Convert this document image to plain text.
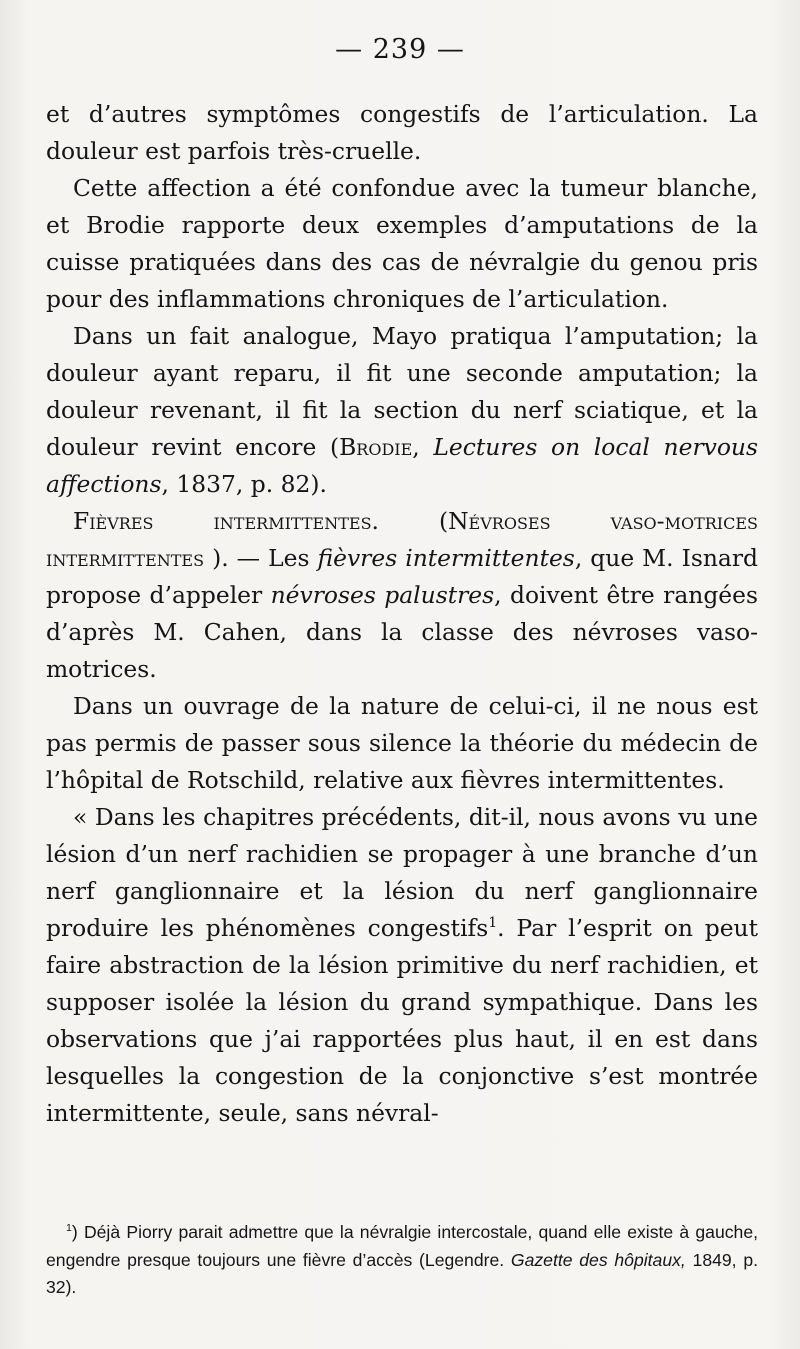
— 239 —

et d’autres symptômes congestifs de l’articulation. La douleur est parfois très-cruelle.

Cette affection a été confondue avec la tumeur blanche, et Brodie rapporte deux exemples d’amputations de la cuisse pratiquées dans des cas de névralgie du genou pris pour des inflammations chroniques de l’articulation.

Dans un fait analogue, Mayo pratiqua l’amputation; la douleur ayant reparu, il fit une seconde amputation; la douleur revenant, il fit la section du nerf sciatique, et la douleur revint encore (Brodie, Lectures on local nervous affections, 1837, p. 82).

Fièvres intermittentes. (Névroses vaso-motrices intermittentes ). — Les fièvres intermittentes, que M. Isnard propose d’appeler névroses palustres, doivent être rangées d’après M. Cahen, dans la classe des névroses vaso-motrices.

Dans un ouvrage de la nature de celui-ci, il ne nous est pas permis de passer sous silence la théorie du médecin de l’hôpital de Rotschild, relative aux fièvres intermittentes.

« Dans les chapitres précédents, dit-il, nous avons vu une lésion d’un nerf rachidien se propager à une branche d’un nerf ganglionnaire et la lésion du nerf ganglionnaire produire les phénomènes congestifs$^1$. Par l’esprit on peut faire abstraction de la lésion primitive du nerf rachidien, et supposer isolée la lésion du grand sympathique. Dans les observations que j’ai rapportées plus haut, il en est dans lesquelles la congestion de la conjonctive s’est montrée intermittente, seule, sans névral-

$^1$) Déjà Piorry parait admettre que la névralgie intercostale, quand elle existe à gauche, engendre presque toujours une fièvre d’accès (Legendre. Gazette des hôpitaux, 1849, p. 32).
